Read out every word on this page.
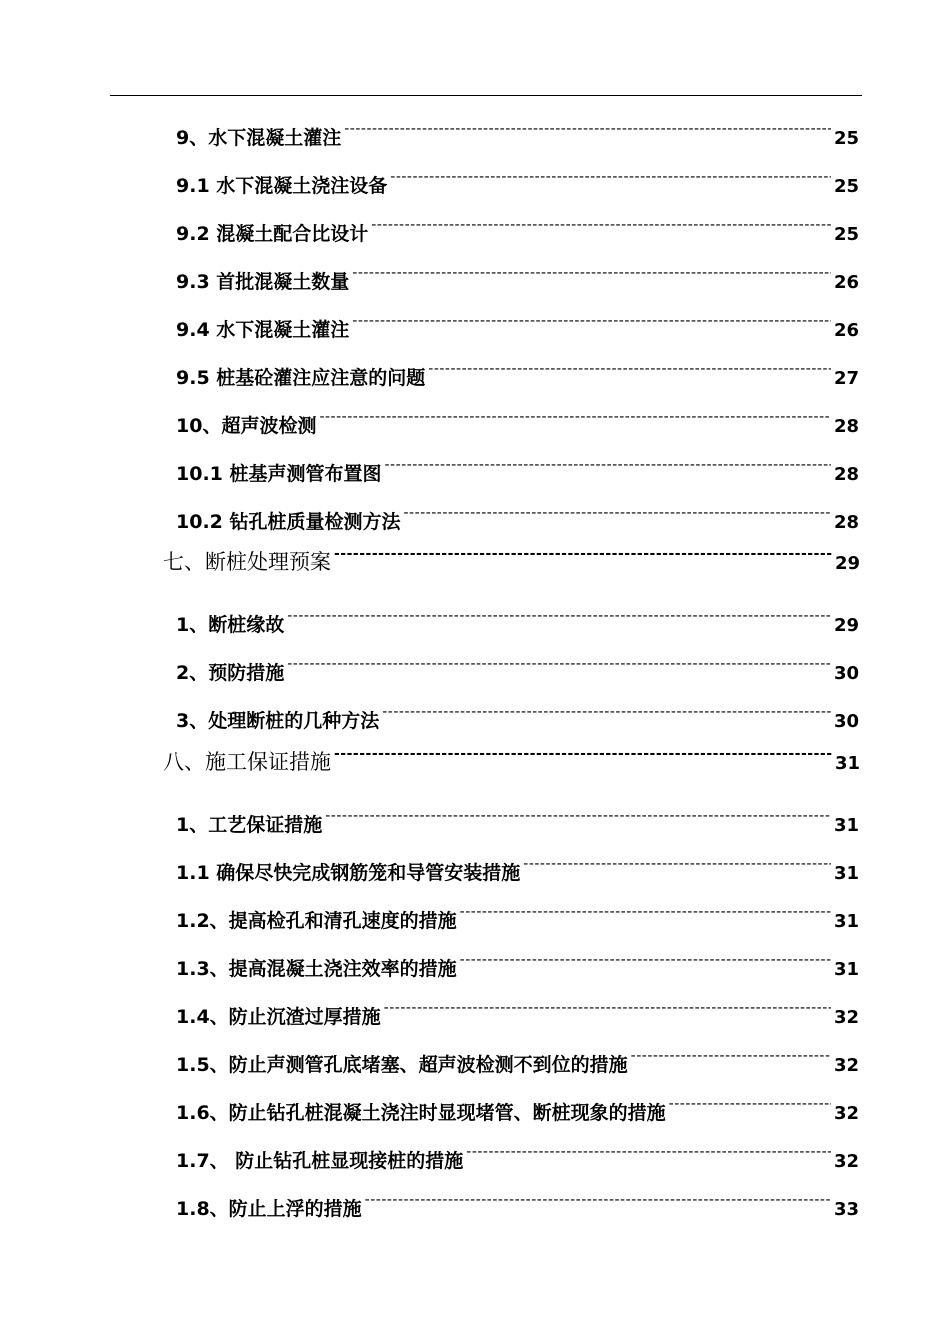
9、水下混凝土灌注 -----	25
9.1 水下混凝土浇注设备 -----	25
9.2 混凝土配合比设计 -----	25
9.3 首批混凝土数量 -----	26
9.4 水下混凝土灌注 -----	26
9.5 桩基砼灌注应注意的问题 -----	27
10、超声波检测 -----	28
10.1 桩基声测管布置图 -----	28
10.2 钻孔桩质量检测方法 -----	28
七、断桩处理预案 -----	29
1、断桩缘故 -----	29
2、预防措施 -----	30
3、处理断桩的几种方法 -----	30
八、施工保证措施 -----	31
1、工艺保证措施 -----	31
1.1 确保尽快完成钢筋笼和导管安装措施 -----	31
1.2、提高检孔和清孔速度的措施 -----	31
1.3、提高混凝土浇注效率的措施 -----	31
1.4、防止沉渣过厚措施 -----	32
1.5、防止声测管孔底堵塞、超声波检测不到位的措施 -----	32
1.6、防止钻孔桩混凝土浇注时显现堵管、断桩现象的措施 -----	32
1.7、 防止钻孔桩显现接桩的措施 -----	32
1.8、防止上浮的措施 -----	33
